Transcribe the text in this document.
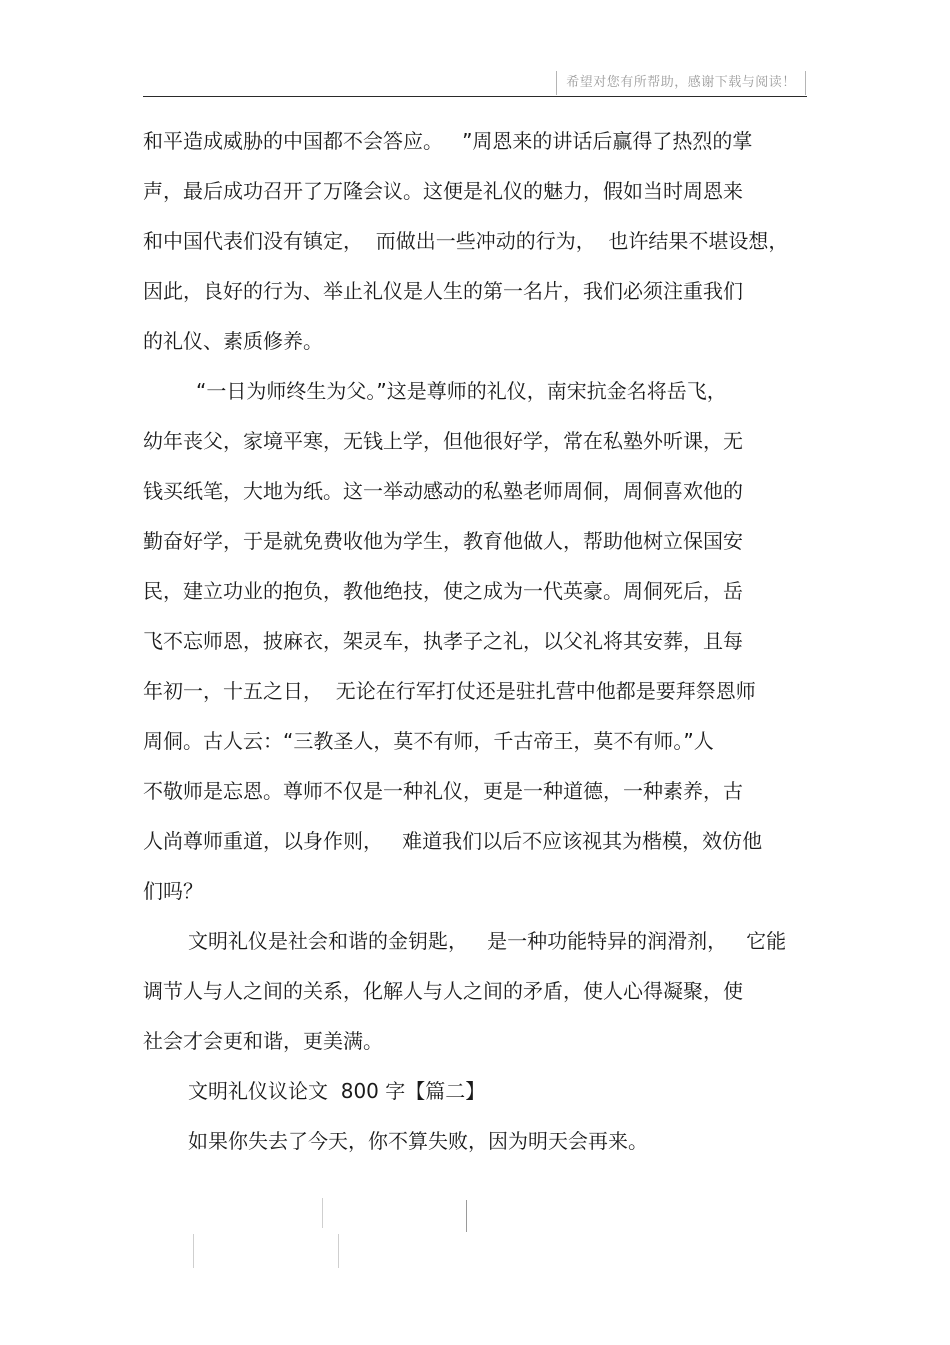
希望对您有所帮助，感谢下载与阅读！
和平造成威胁的中国都不会答应。   ”周恩来的讲话后赢得了热烈的掌
声，最后成功召开了万隆会议。这便是礼仪的魅力，假如当时周恩来
和中国代表们没有镇定，  而做出一些冲动的行为，  也许结果不堪设想，
因此，良好的行为、举止礼仪是人生的第一名片，我们必须注重我们
的礼仪、素质修养。
“一日为师终生为父。”这是尊师的礼仪，南宋抗金名将岳飞，
幼年丧父，家境平寒，无钱上学，但他很好学，常在私塾外听课，无
钱买纸笔，大地为纸。这一举动感动的私塾老师周侗，周侗喜欢他的
勤奋好学，于是就免费收他为学生，教育他做人，帮助他树立保国安
民，建立功业的抱负，教他绝技，使之成为一代英豪。周侗死后，岳
飞不忘师恩，披麻衣，架灵车，执孝子之礼，以父礼将其安葬，且每
年初一，十五之日，  无论在行军打仗还是驻扎营中他都是要拜祭恩师
周侗。古人云：“三教圣人，莫不有师，千古帝王，莫不有师。”人
不敬师是忘恩。尊师不仅是一种礼仪，更是一种道德，一种素养，古
人尚尊师重道，以身作则，   难道我们以后不应该视其为楷模，效仿他
们吗？
文明礼仪是社会和谐的金钥匙，   是一种功能特异的润滑剂，   它能
调节人与人之间的关系，化解人与人之间的矛盾，使人心得凝聚，使
社会才会更和谐，更美满。
文明礼仪议论文  800 字【篇二】
如果你失去了今天，你不算失败，因为明天会再来。
